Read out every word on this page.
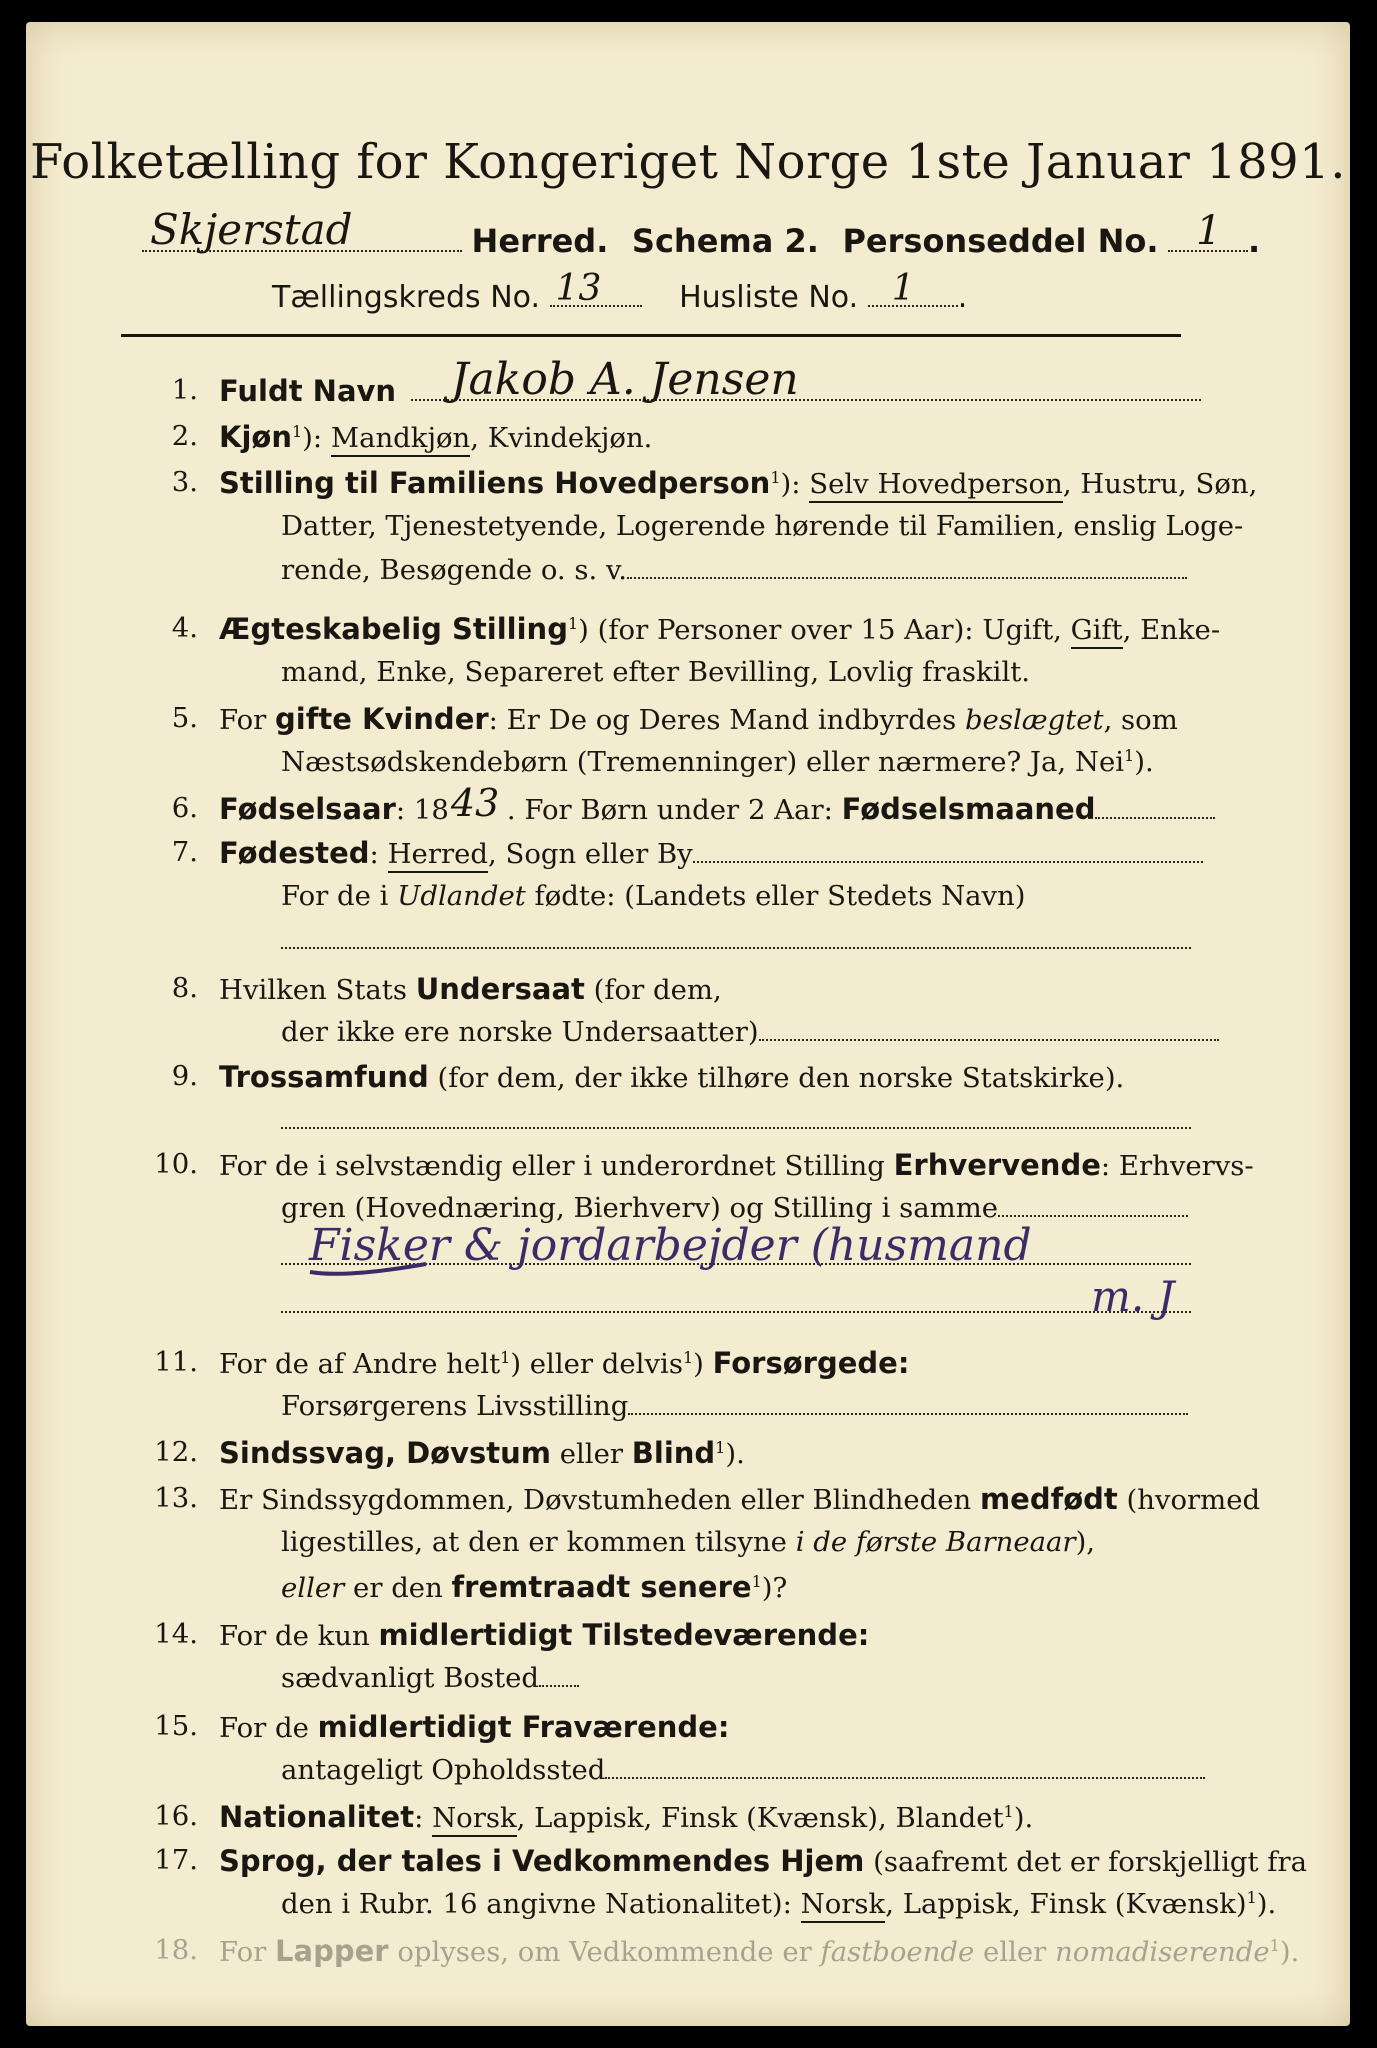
Folketælling for Kongeriget Norge 1ste Januar 1891.
Skjerstad	Herred. Schema 2. Personseddel No. 1 .
Tællingskreds No. 13	Husliste No. 1 .
1. Fuldt Navn Jakob A. Jensen
2. Kjøn$^1$): Mandkjøn, Kvindekjøn.
3. Stilling til Familiens Hovedperson$^1$): Selv Hovedperson, Hustru, Søn,
Datter, Tjenestetyende, Logerende hørende til Familien, enslig Loge-
rende, Besøgende o. s. v.
4. Ægteskabelig Stilling$^1$) (for Personer over 15 Aar): Ugift, Gift, Enke-
mand, Enke, Separeret efter Bevilling, Lovlig fraskilt.
5. For gifte Kvinder: Er De og Deres Mand indbyrdes beslægtet, som
Næstsødskendebørn (Tremenninger) eller nærmere? Ja, Nei$^1$).
6. Fødselsaar: 18 43 . For Børn under 2 Aar: Fødselsmaaned
7. Fødested: Herred, Sogn eller By
For de i Udlandet fødte: (Landets eller Stedets Navn)
8. Hvilken Stats Undersaat (for dem,
der ikke ere norske Undersaatter)
9. Trossamfund (for dem, der ikke tilhøre den norske Statskirke).
10. For de i selvstændig eller i underordnet Stilling Erhvervende: Erhvervs-
gren (Hovednæring, Bierhverv) og Stilling i samme
Fisker & jordarbejder (husmand
m. J
11. For de af Andre helt$^1$) eller delvis$^1$) Forsørgede:
Forsørgerens Livsstilling
12. Sindssvag, Døvstum eller Blind$^1$).
13. Er Sindssygdommen, Døvstumheden eller Blindheden medfødt (hvormed
ligestilles, at den er kommen tilsyne i de første Barneaar),
eller er den fremtraadt senere$^1$)?
14. For de kun midlertidigt Tilstedeværende:
sædvanligt Bosted
15. For de midlertidigt Fraværende:
antageligt Opholdssted
16. Nationalitet: Norsk, Lappisk, Finsk (Kvænsk), Blandet$^1$).
17. Sprog, der tales i Vedkommendes Hjem (saafremt det er forskjelligt fra
den i Rubr. 16 angivne Nationalitet): Norsk, Lappisk, Finsk (Kvænsk)$^1$).
18. For Lapper oplyses, om Vedkommende er fastboende eller nomadiserende$^1$).
